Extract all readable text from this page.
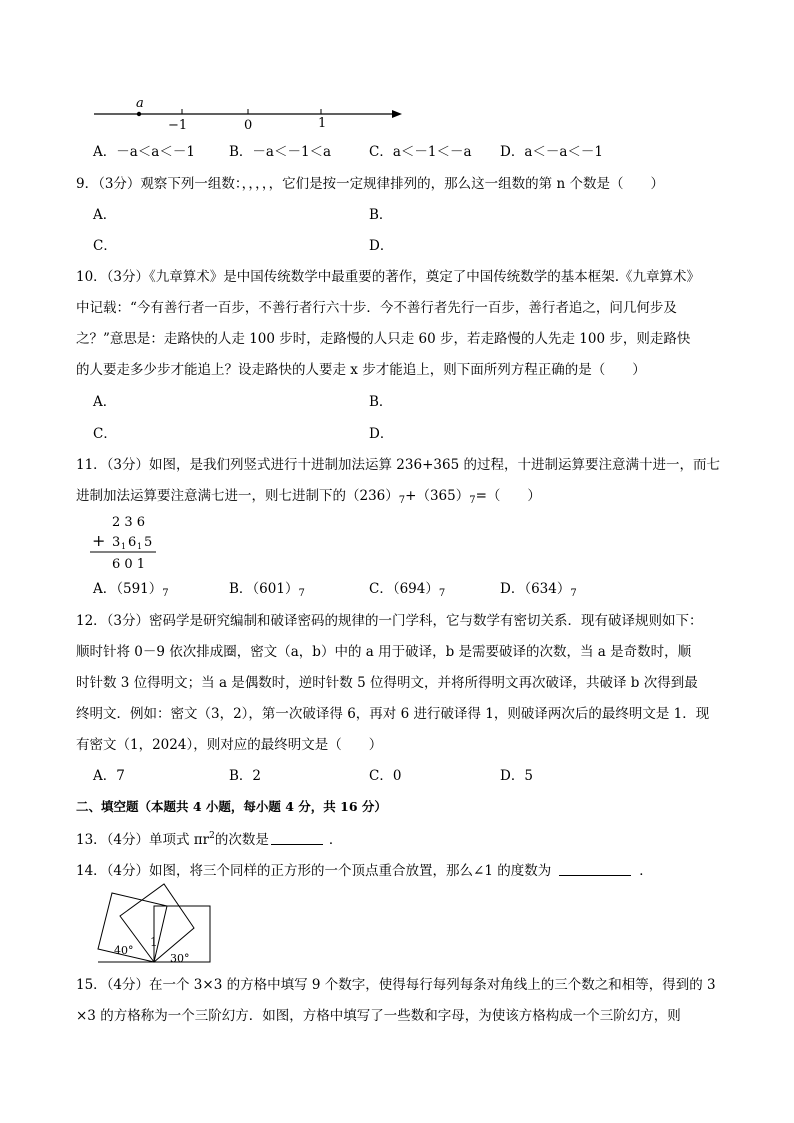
a
−1	0	1
A．－a＜a＜－1	B．－a＜－1＜a	C．a＜－1＜－a D．a＜－a＜－1
9．（3分）观察下列一组数：，，，，，它们是按一定规律排列的，那么这一组数的第 n 个数是（　　）
A．	B．
C．	D．
10．（3分）《九章算术》是中国传统数学中最重要的著作，奠定了中国传统数学的基本框架.《九章算术》
中记载：“今有善行者一百步，不善行者行六十步．今不善行者先行一百步，善行者追之，问几何步及
之？”意思是：走路快的人走 100 步时，走路慢的人只走 60 步，若走路慢的人先走 100 步，则走路快
的人要走多少步才能追上？设走路快的人要走 x 步才能追上，则下面所列方程正确的是（　　）
A．	B．
C．	D．
11．（3分）如图，是我们列竖式进行十进制加法运算 236+365 的过程，十进制运算要注意满十进一，而七
进制加法运算要注意满七进一，则七进制下的$(236)_7+(365)_7=$（　　）
2 3 6
+ 3 1 6 1 5
6 0 1
A．$(591)_7$	B．$(601)_7$	C．$(694)_7$	D．$(634)_7$
12．（3分）密码学是研究编制和破译密码的规律的一门学科，它与数学有密切关系．现有破译规则如下：
顺时针将 0－9 依次排成圈，密文（a，b）中的 a 用于破译，b 是需要破译的次数，当 a 是奇数时，顺
时针数 3 位得明文；当 a 是偶数时，逆时针数 5 位得明文，并将所得明文再次破译，共破译 b 次得到最
终明文．例如：密文（3，2），第一次破译得 6，再对 6 进行破译得 1，则破译两次后的最终明文是 1．现
有密文（1，2024），则对应的最终明文是（　　）
A．7	B．2	C．0	D．5
二、填空题（本题共 4 小题，每小题 4 分，共 16 分）
13．（4分）单项式 $\pi r^2$的次数是	．
14．（4分）如图，将三个同样的正方形的一个顶点重合放置，那么∠1 的度数为	．
40°
1
30°
15．（4分）在一个 3×3 的方格中填写 9 个数字，使得每行每列每条对角线上的三个数之和相等，得到的 3
×3 的方格称为一个三阶幻方．如图，方格中填写了一些数和字母，为使该方格构成一个三阶幻方，则
